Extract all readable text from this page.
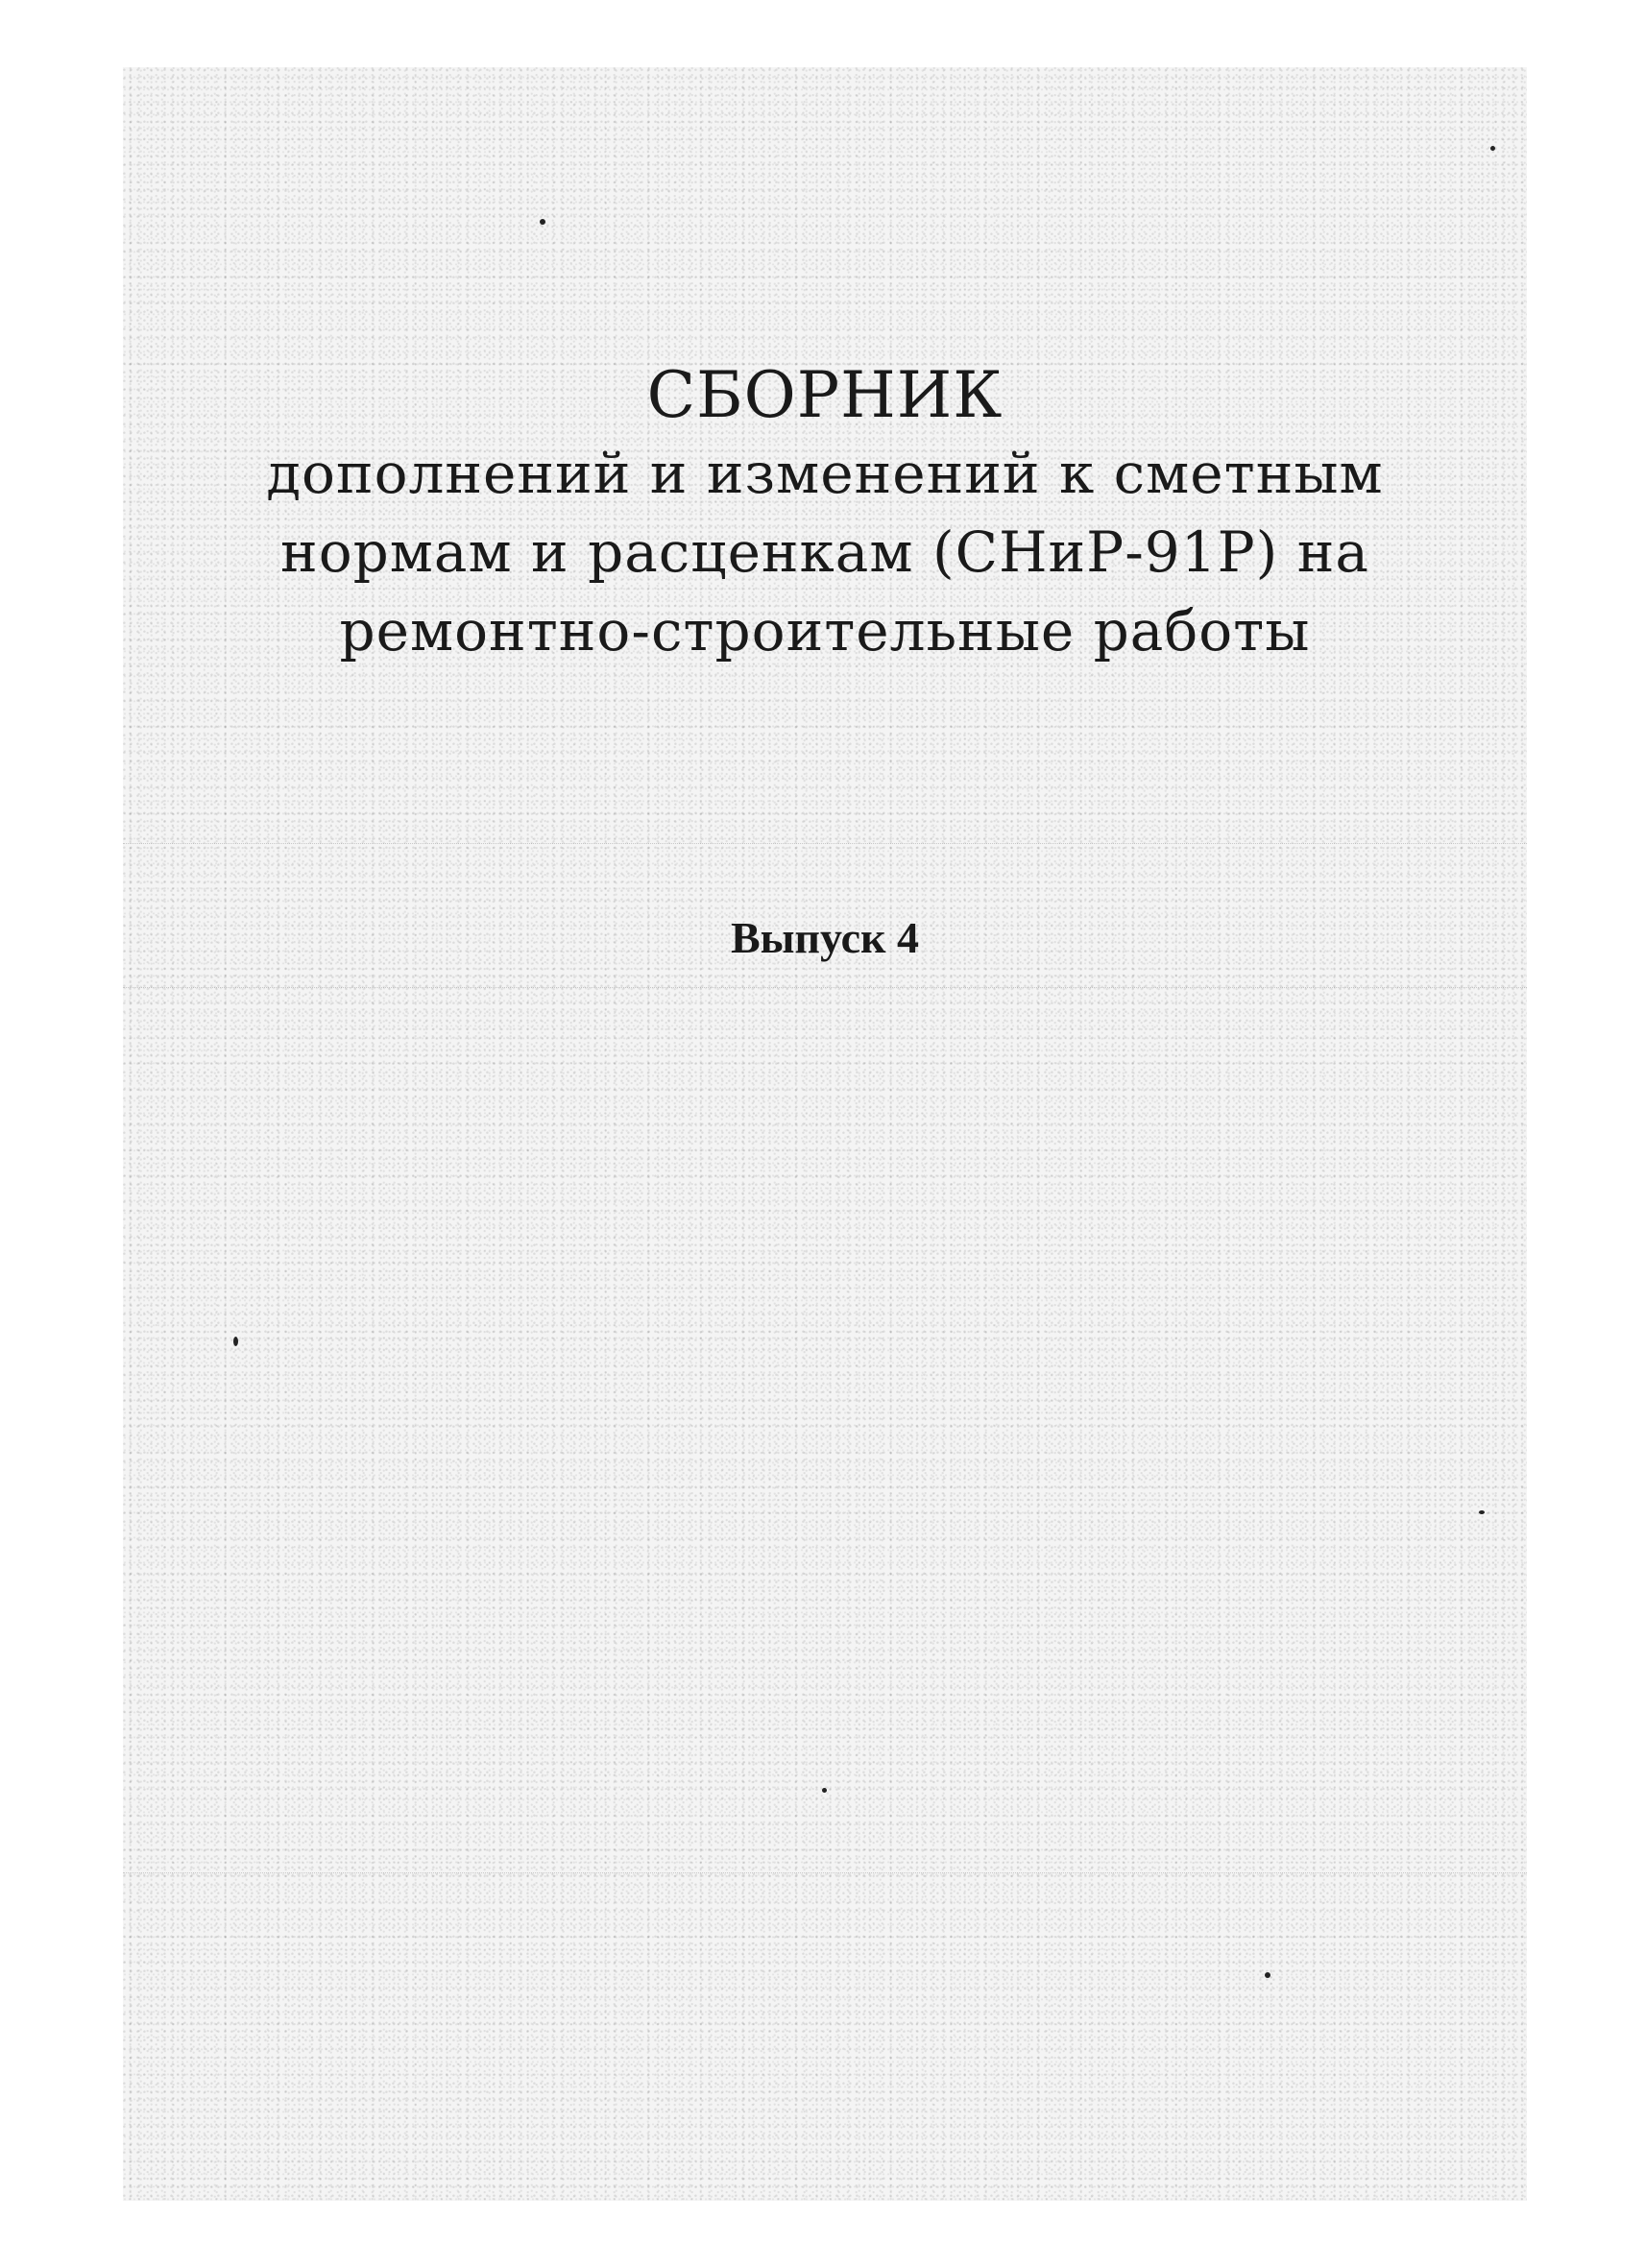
СБОРНИК

дополнений и изменений к сметным

нормам и расценкам (СНиР-91Р) на

ремонтно-строительные работы

Выпуск 4
